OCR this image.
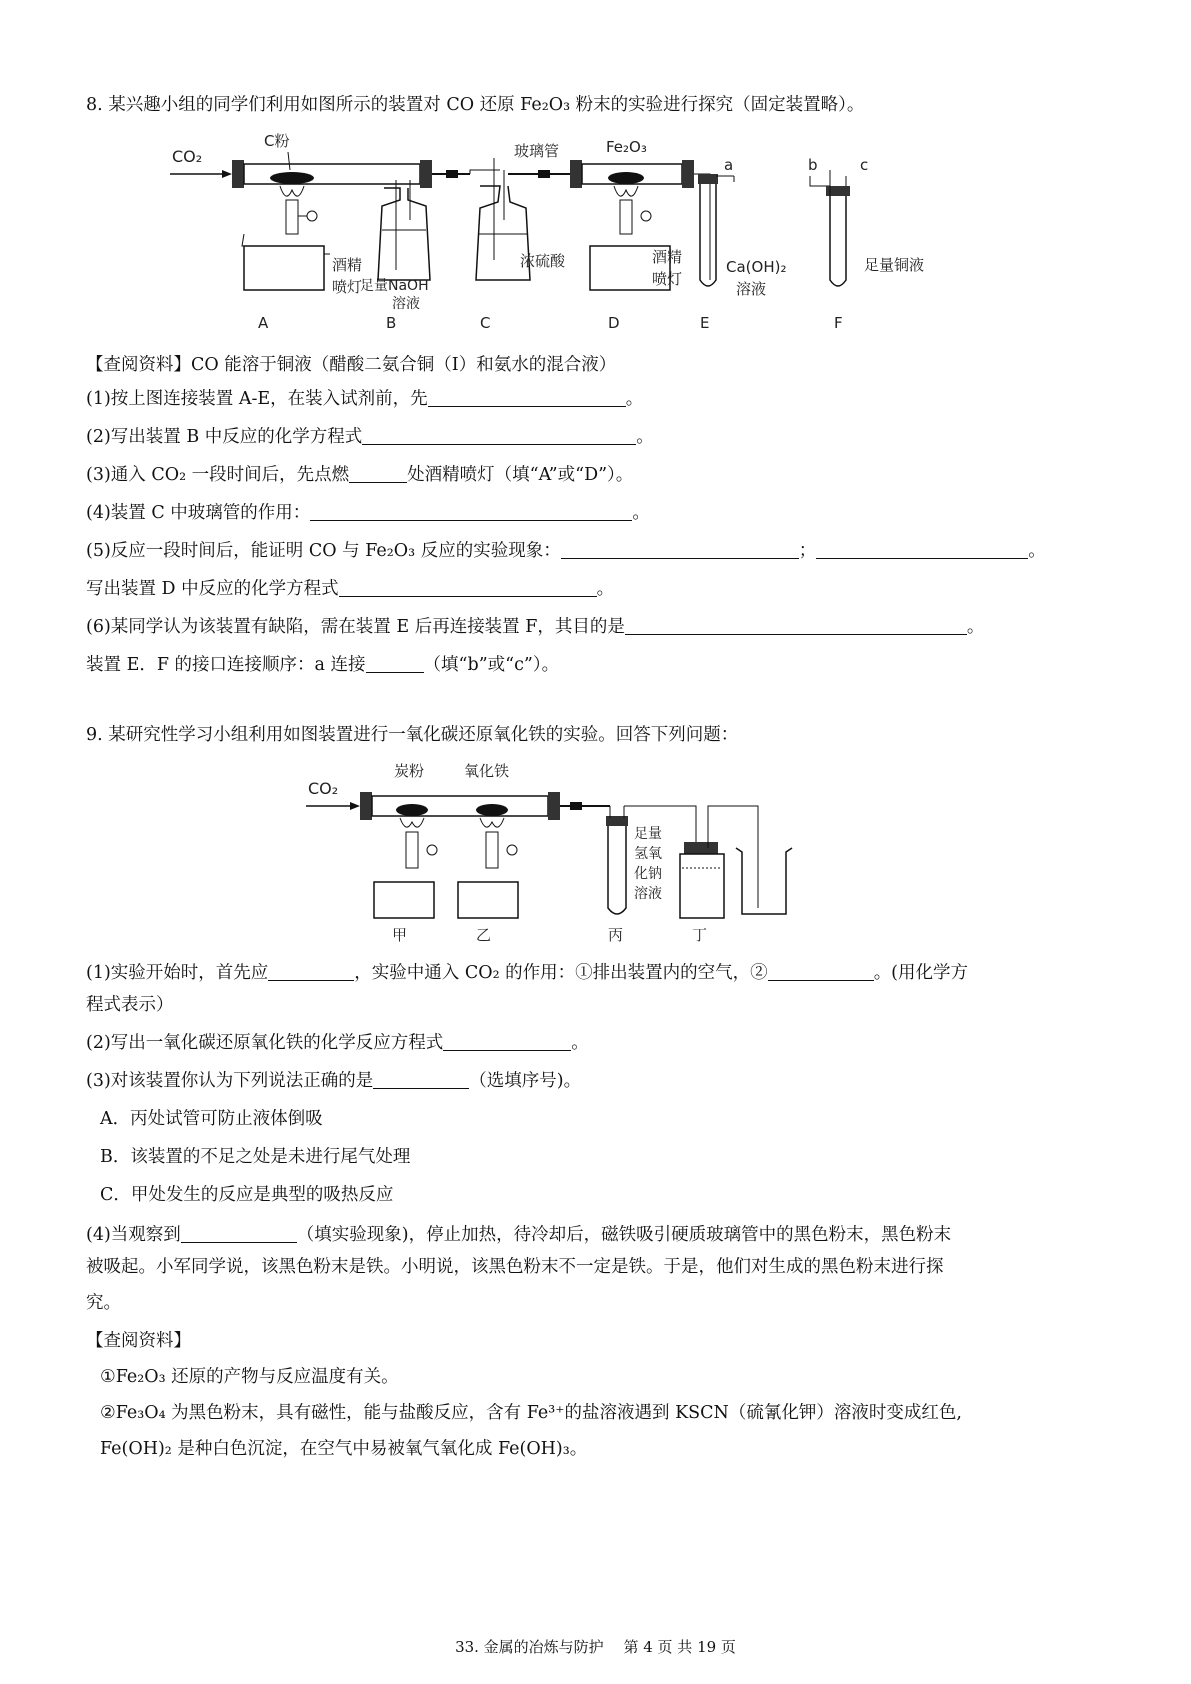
8. 某兴趣小组的同学们利用如图所示的装置对 CO 还原 Fe₂O₃ 粉末的实验进行探究（固定装置略）。
CO₂
C粉
酒精
喷灯
足量NaOH
溶液
玻璃管
浓硫酸
Fe₂O₃
酒精
喷灯
a
Ca(OH)₂
溶液
b	c
足量铜液
A	B	C	D	E	F
【查阅资料】CO 能溶于铜液（醋酸二氨合铜（I）和氨水的混合液）
(1)按上图连接装置 A-E，在装入试剂前，先	。
(2)写出装置 B 中反应的化学方程式	。
(3)通入 CO₂ 一段时间后，先点燃	处酒精喷灯（填“A”或“D”）。
(4)装置 C 中玻璃管的作用：	。
(5)反应一段时间后，能证明 CO 与 Fe₂O₃ 反应的实验现象：	；	。
写出装置 D 中反应的化学方程式	。
(6)某同学认为该装置有缺陷，需在装置 E 后再连接装置 F，其目的是	。
装置 E．F 的接口连接顺序：a 连接	（填“b”或“c”）。
9. 某研究性学习小组利用如图装置进行一氧化碳还原氧化铁的实验。回答下列问题：
CO₂
炭粉	氧化铁
足量
氢氧
化钠
溶液
甲	乙	丙	丁
(1)实验开始时，首先应	，实验中通入 CO₂ 的作用：①排出装置内的空气，②	。(用化学方
程式表示）
(2)写出一氧化碳还原氧化铁的化学反应方程式	。
(3)对该装置你认为下列说法正确的是	（选填序号)。
A．丙处试管可防止液体倒吸
B．该装置的不足之处是未进行尾气处理
C．甲处发生的反应是典型的吸热反应
(4)当观察到	（填实验现象)，停止加热，待冷却后，磁铁吸引硬质玻璃管中的黑色粉末，黑色粉末
被吸起。小军同学说，该黑色粉末是铁。小明说，该黑色粉末不一定是铁。于是，他们对生成的黑色粉末进行探
究。
【查阅资料】
①Fe₂O₃ 还原的产物与反应温度有关。
②Fe₃O₄ 为黑色粉末，具有磁性，能与盐酸反应，含有 Fe³⁺的盐溶液遇到 KSCN（硫氰化钾）溶液时变成红色,
Fe(OH)₂ 是种白色沉淀，在空气中易被氧气氧化成 Fe(OH)₃。
33. 金属的冶炼与防护　 第 4 页 共 19 页
